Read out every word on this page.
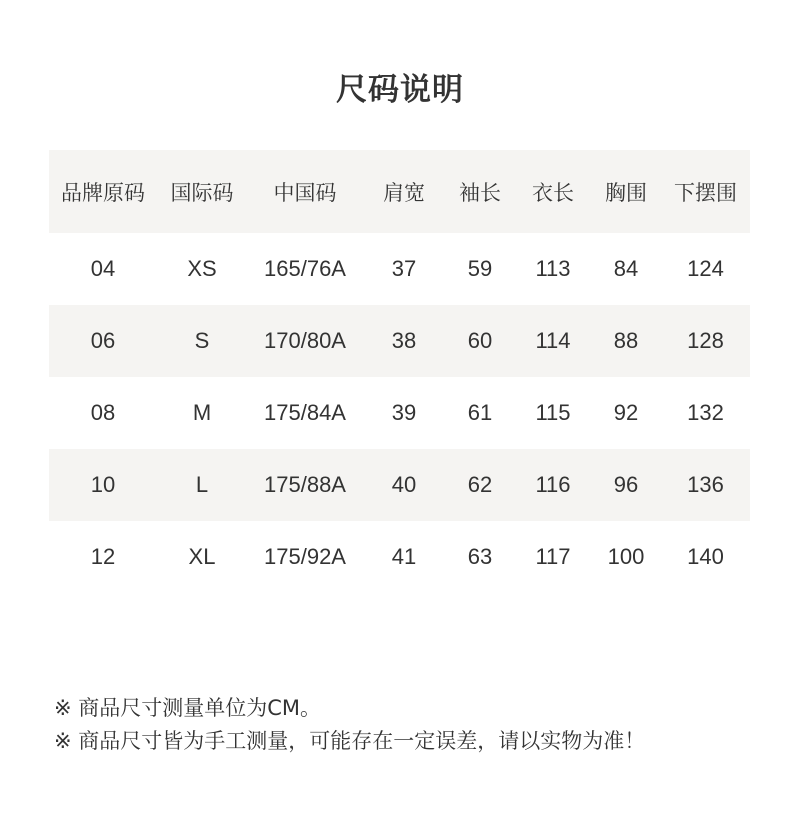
尺码说明
品牌原码	国际码	中国码	肩宽	袖长	衣长	胸围	下摆围
04	XS	165/76A	37	59	113	84	124
06	S	170/80A	38	60	114	88	128
08	M	175/84A	39	61	115	92	132
10	L	175/88A	40	62	116	96	136
12	XL	175/92A	41	63	117	100	140
※ 商品尺寸测量单位为CM。
※ 商品尺寸皆为手工测量，可能存在一定误差，请以实物为准！
